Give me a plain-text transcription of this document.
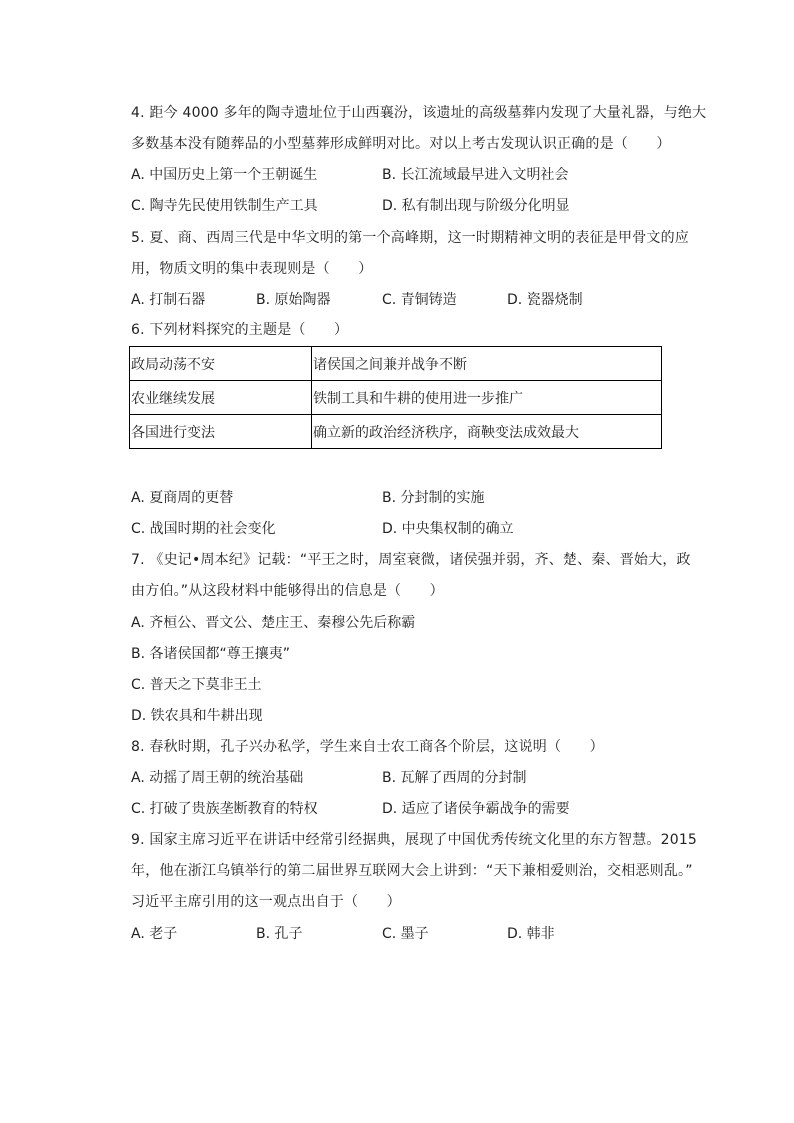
4. 距今 4000 多年的陶寺遗址位于山西襄汾，该遗址的高级墓葬内发现了大量礼器，与绝大
多数基本没有随葬品的小型墓葬形成鲜明对比。对以上考古发现认识正确的是（　　）
A. 中国历史上第一个王朝诞生	B. 长江流域最早进入文明社会
C. 陶寺先民使用铁制生产工具	D. 私有制出现与阶级分化明显
5. 夏、商、西周三代是中华文明的第一个高峰期，这一时期精神文明的表征是甲骨文的应
用，物质文明的集中表现则是（　　）
A. 打制石器	B. 原始陶器	C. 青铜铸造	D. 瓷器烧制
6. 下列材料探究的主题是（　　）
政局动荡不安	诸侯国之间兼并战争不断
农业继续发展	铁制工具和牛耕的使用进一步推广
各国进行变法	确立新的政治经济秩序，商鞅变法成效最大
A. 夏商周的更替	B. 分封制的实施
C. 战国时期的社会变化	D. 中央集权制的确立
7. 《史记•周本纪》记载：“平王之时，周室衰微，诸侯强并弱，齐、楚、秦、晋始大，政
由方伯。”从这段材料中能够得出的信息是（　　）
A. 齐桓公、晋文公、楚庄王、秦穆公先后称霸
B. 各诸侯国都“尊王攘夷”
C. 普天之下莫非王土
D. 铁农具和牛耕出现
8. 春秋时期，孔子兴办私学，学生来自士农工商各个阶层，这说明（　　）
A. 动摇了周王朝的统治基础	B. 瓦解了西周的分封制
C. 打破了贵族垄断教育的特权	D. 适应了诸侯争霸战争的需要
9. 国家主席习近平在讲话中经常引经据典，展现了中国优秀传统文化里的东方智慧。2015
年，他在浙江乌镇举行的第二届世界互联网大会上讲到：“天下兼相爱则治，交相恶则乱。”
习近平主席引用的这一观点出自于（　　）
A. 老子	B. 孔子	C. 墨子	D. 韩非
